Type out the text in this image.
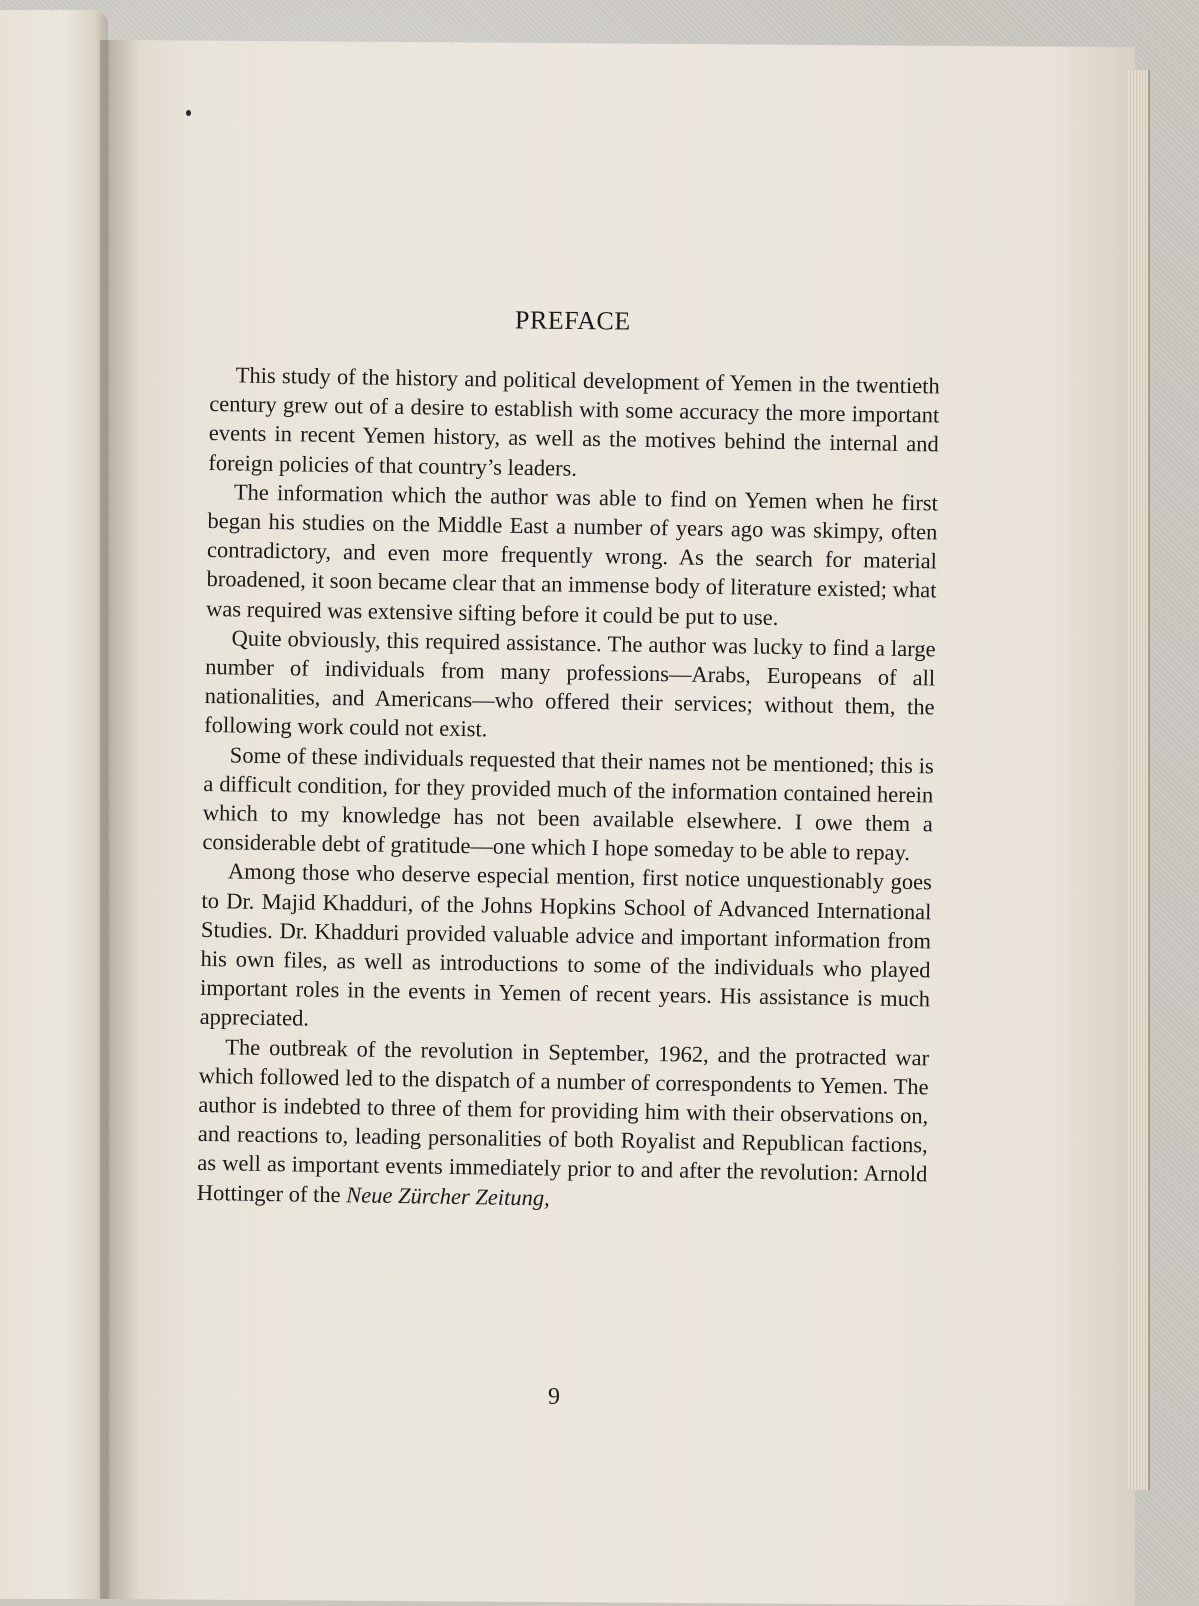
PREFACE

This study of the history and political development of Yemen in the twentieth century grew out of a desire to establish with some accuracy the more important events in recent Yemen history, as well as the motives behind the internal and foreign policies of that country’s leaders.

The information which the author was able to find on Yemen when he first began his studies on the Middle East a number of years ago was skimpy, often contradictory, and even more frequently wrong. As the search for material broadened, it soon became clear that an immense body of literature existed; what was required was extensive sifting before it could be put to use.

Quite obviously, this required assistance. The author was lucky to find a large number of individuals from many professions—Arabs, Europeans of all nationalities, and Americans—who offered their services; without them, the following work could not exist.

Some of these individuals requested that their names not be mentioned; this is a difficult condition, for they provided much of the information contained herein which to my knowledge has not been available elsewhere. I owe them a considerable debt of gratitude—one which I hope someday to be able to repay.

Among those who deserve especial mention, first notice unquestionably goes to Dr. Majid Khadduri, of the Johns Hopkins School of Advanced International Studies. Dr. Khadduri provided valuable advice and important information from his own files, as well as introductions to some of the individuals who played important roles in the events in Yemen of recent years. His assistance is much appreciated.

The outbreak of the revolution in September, 1962, and the protracted war which followed led to the dispatch of a number of correspondents to Yemen. The author is indebted to three of them for providing him with their observations on, and reactions to, leading personalities of both Royalist and Republican factions, as well as important events immediately prior to and after the revolution: Arnold Hottinger of the Neue Zürcher Zeitung,

9
